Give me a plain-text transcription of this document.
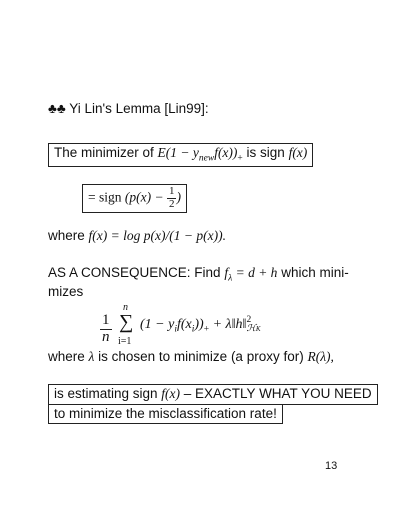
♣♣ Yi Lin's Lemma [Lin99]:
The minimizer of $E(1 - y_{new}f(x))_+$ is sign f(x)
= sign ($p(x) - \frac{1}{2}$ )
where f(x) = log p(x)/(1 − p(x)).
AS A CONSEQUENCE: Find $f_\lambda = d + h$ which mini-
mizes
$\frac{1}{n}$
n
∑
i=1
$(1 - y_if(x_i))_+$ + λ‖h‖ 2
ℋK
where λ is chosen to minimize (a proxy for) R(λ),
is estimating sign f(x) – EXACTLY WHAT YOU NEED
to minimize the misclassification rate!
13
